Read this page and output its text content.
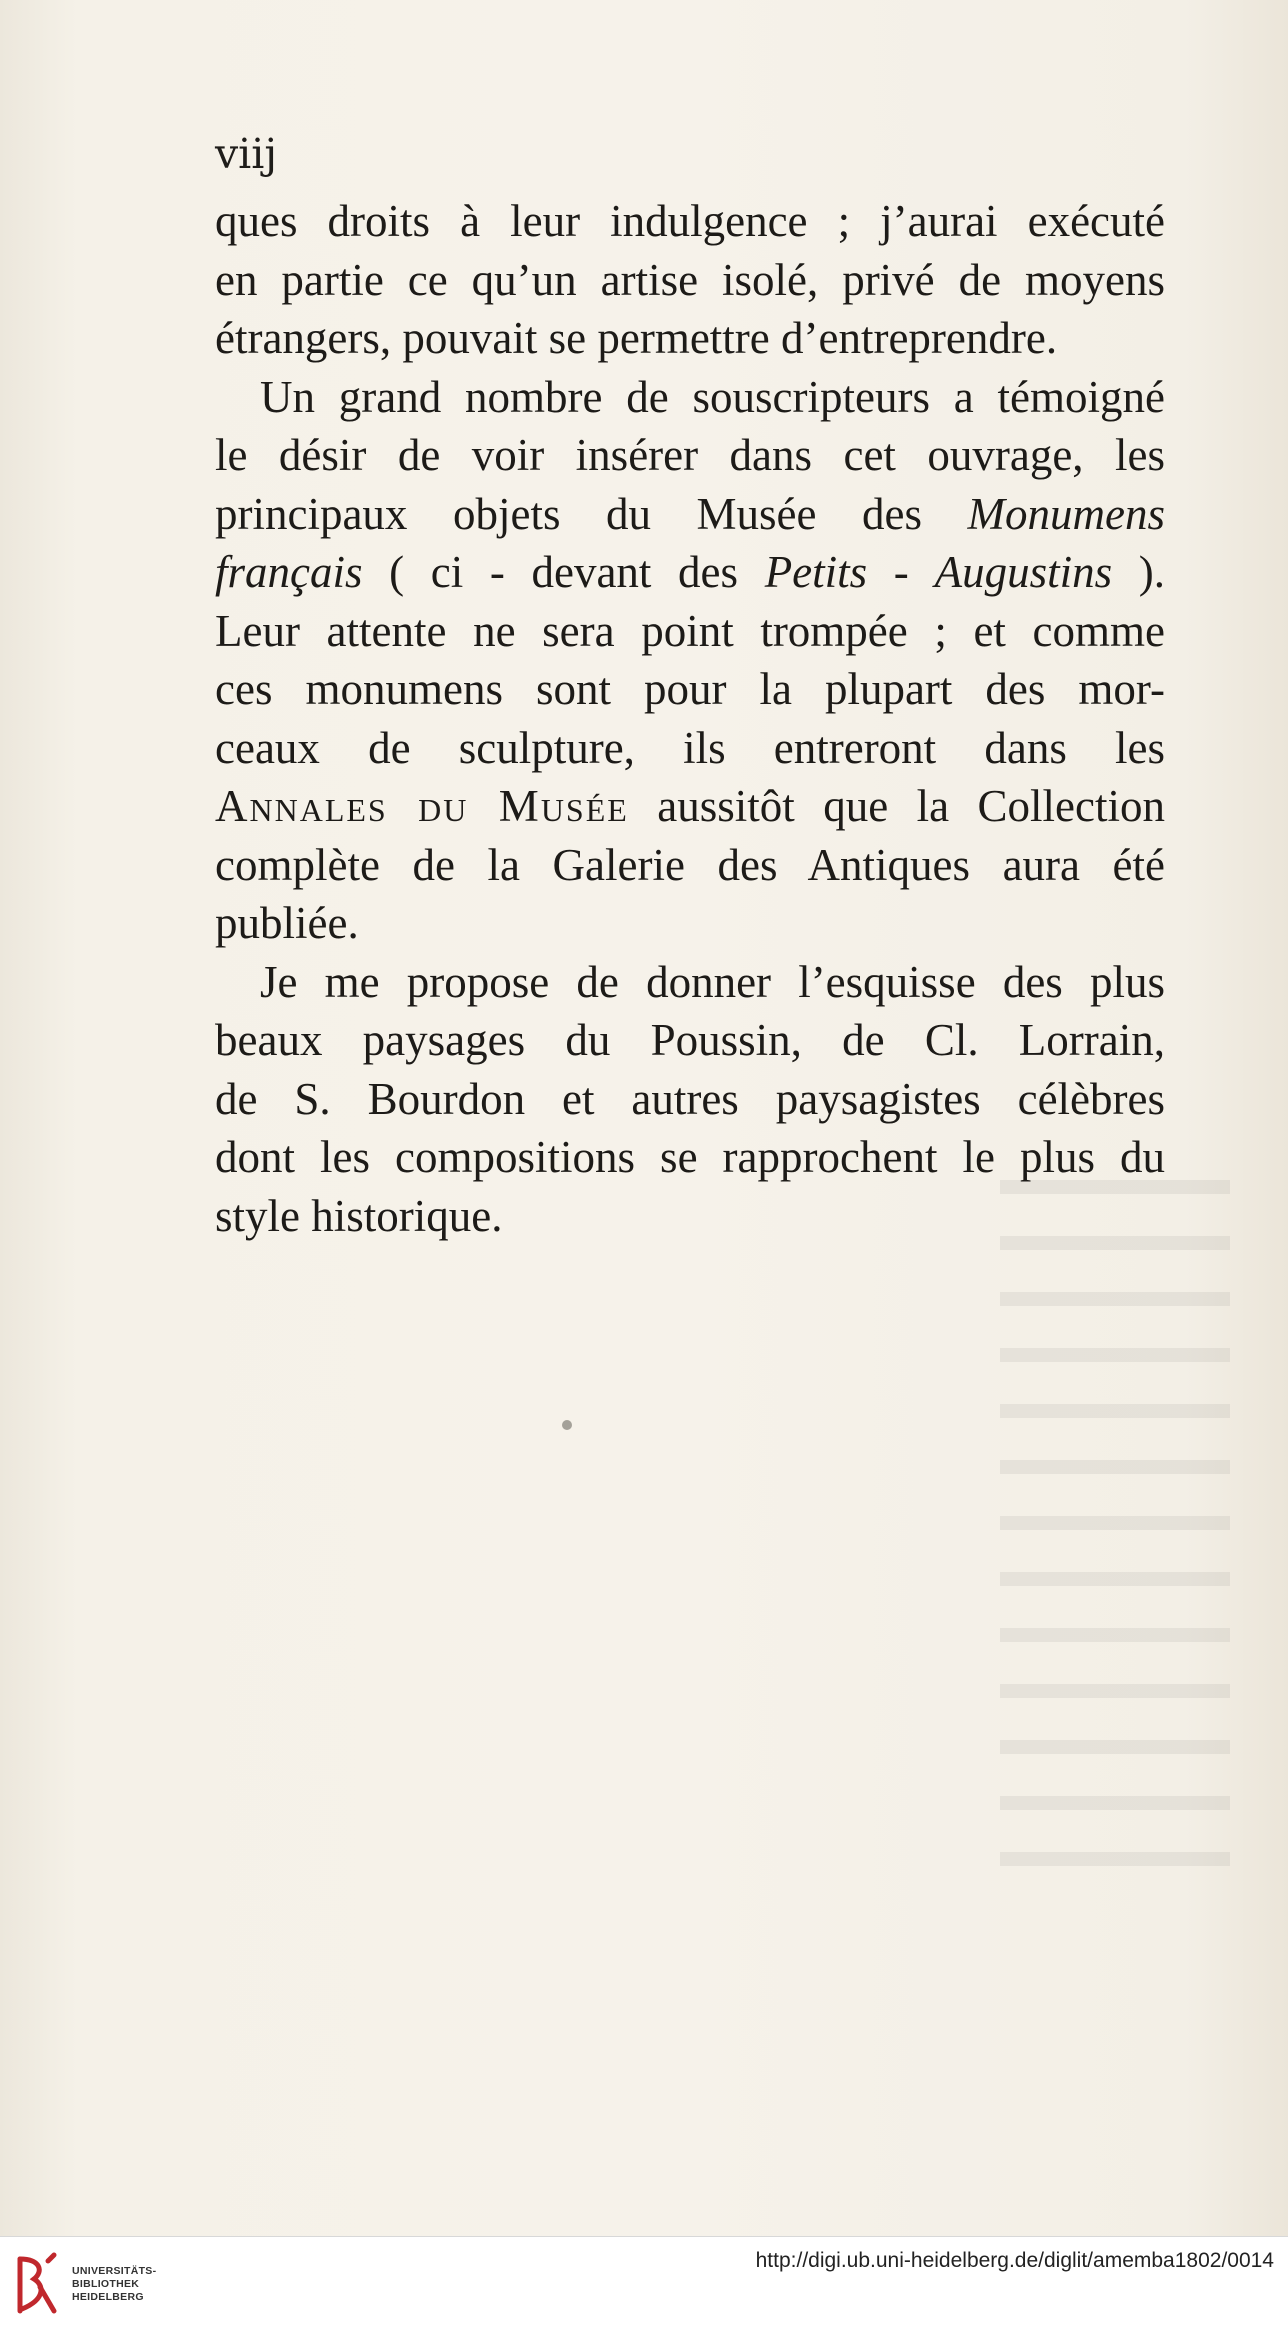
viij
ques droits à leur indulgence ; j’aurai exécuté
en partie ce qu’un artise isolé, privé de moyens
étrangers, pouvait se permettre d’entreprendre.
Un grand nombre de souscripteurs a témoigné
le désir de voir insérer dans cet ouvrage, les
principaux objets du Musée des Monumens
français ( ci - devant des Petits - Augustins ).
Leur attente ne sera point trompée ; et comme
ces monumens sont pour la plupart des mor-
ceaux de sculpture, ils entreront dans les
Annales du Musée aussitôt que la Collection
complète de la Galerie des Antiques aura été
publiée.
Je me propose de donner l’esquisse des plus
beaux paysages du Poussin, de Cl. Lorrain,
de S. Bourdon et autres paysagistes célèbres
dont les compositions se rapprochent le plus du
style historique.
UNIVERSITÄTS-
BIBLIOTHEK
HEIDELBERG
http://digi.ub.uni-heidelberg.de/diglit/amemba1802/0014
